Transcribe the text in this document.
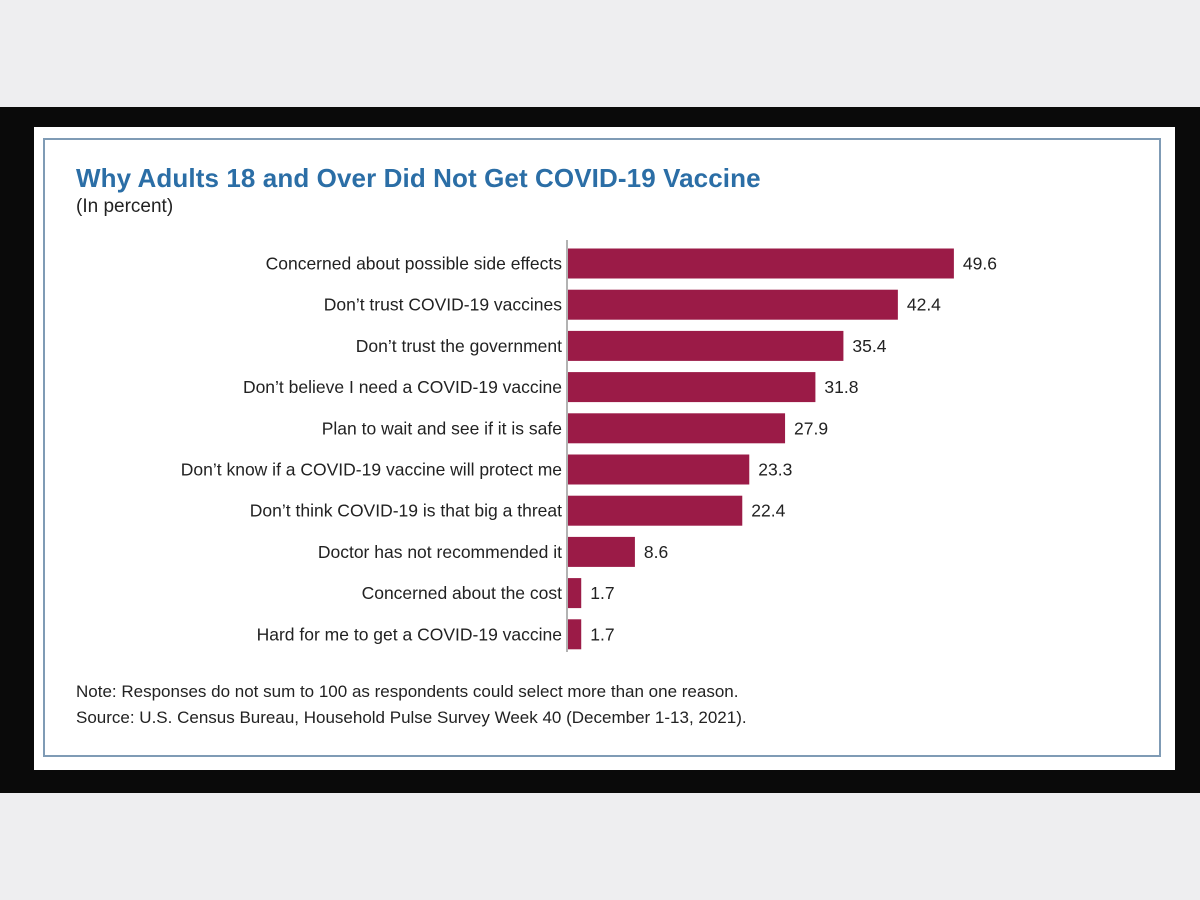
Why Adults 18 and Over Did Not Get COVID-19 Vaccine
(In percent)
Concerned about possible side effects	49.6
Don’t trust COVID-19 vaccines	42.4
Don’t trust the government	35.4
Don’t believe I need a COVID-19 vaccine	31.8
Plan to wait and see if it is safe	27.9
Don’t know if a COVID-19 vaccine will protect me	23.3
Don’t think COVID-19 is that big a threat	22.4
Doctor has not recommended it	8.6
Concerned about the cost 1.7
Hard for me to get a COVID-19 vaccine 1.7
Note: Responses do not sum to 100 as respondents could select more than one reason.
Source: U.S. Census Bureau, Household Pulse Survey Week 40 (December 1-13, 2021).
